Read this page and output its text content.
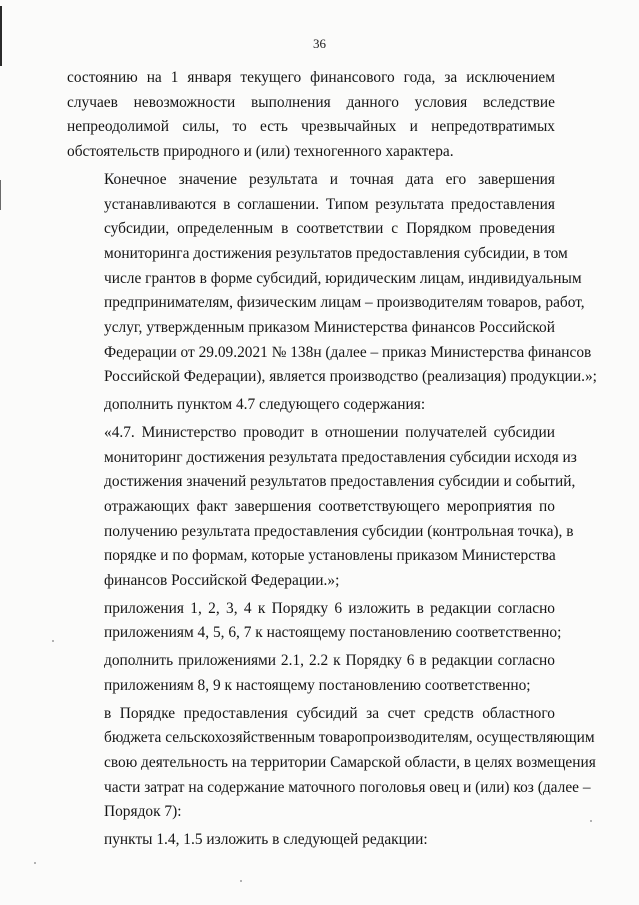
36
состоянию на 1 января текущего финансового года, за исключением
случаев невозможности выполнения данного условия вследствие
непреодолимой силы, то есть чрезвычайных и непредотвратимых
обстоятельств природного и (или) техногенного характера.
Конечное значение результата и точная дата его завершения
устанавливаются в соглашении. Типом результата предоставления
субсидии, определенным в соответствии с Порядком проведения
мониторинга достижения результатов предоставления субсидии, в том
числе грантов в форме субсидий, юридическим лицам, индивидуальным
предпринимателям, физическим лицам – производителям товаров, работ,
услуг, утвержденным приказом Министерства финансов Российской
Федерации от 29.09.2021 № 138н (далее – приказ Министерства финансов
Российской Федерации), является производство (реализация) продукции.»;
дополнить пунктом 4.7 следующего содержания:
«4.7. Министерство проводит в отношении получателей субсидии
мониторинг достижения результата предоставления субсидии исходя из
достижения значений результатов предоставления субсидии и событий,
отражающих факт завершения соответствующего мероприятия по
получению результата предоставления субсидии (контрольная точка), в
порядке и по формам, которые установлены приказом Министерства
финансов Российской Федерации.»;
приложения 1, 2, 3, 4 к Порядку 6 изложить в редакции согласно
приложениям 4, 5, 6, 7 к настоящему постановлению соответственно;
дополнить приложениями 2.1, 2.2 к Порядку 6 в редакции согласно
приложениям 8, 9 к настоящему постановлению соответственно;
в Порядке предоставления субсидий за счет средств областного
бюджета сельскохозяйственным товаропроизводителям, осуществляющим
свою деятельность на территории Самарской области, в целях возмещения
части затрат на содержание маточного поголовья овец и (или) коз (далее –
Порядок 7):
пункты 1.4, 1.5 изложить в следующей редакции:
